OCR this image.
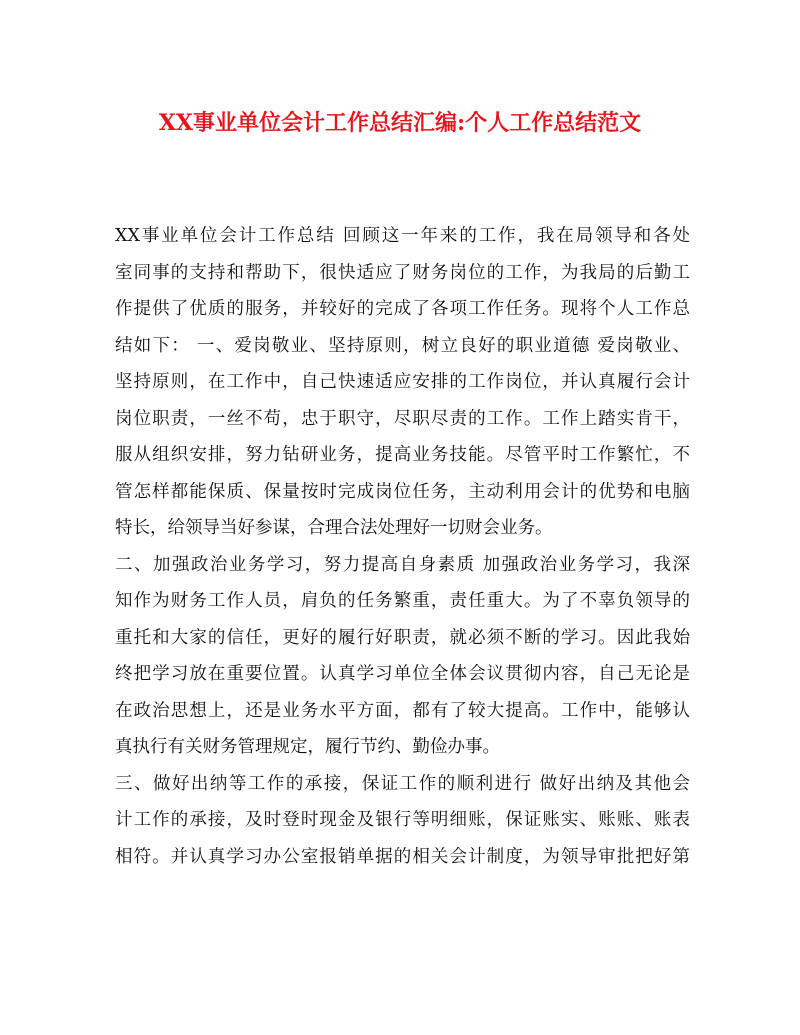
XX事业单位会计工作总结汇编:个人工作总结范文
XX事业单位会计工作总结 回顾这一年来的工作，我在局领导和各处
室同事的支持和帮助下，很快适应了财务岗位的工作，为我局的后勤工
作提供了优质的服务，并较好的完成了各项工作任务。现将个人工作总
结如下： 一、爱岗敬业、坚持原则，树立良好的职业道德 爱岗敬业、
坚持原则，在工作中，自己快速适应安排的工作岗位，并认真履行会计
岗位职责，一丝不苟，忠于职守，尽职尽责的工作。工作上踏实肯干，
服从组织安排，努力钻研业务，提高业务技能。尽管平时工作繁忙，不
管怎样都能保质、保量按时完成岗位任务，主动利用会计的优势和电脑
特长，给领导当好参谋，合理合法处理好一切财会业务。
二、加强政治业务学习，努力提高自身素质 加强政治业务学习，我深
知作为财务工作人员，肩负的任务繁重，责任重大。为了不辜负领导的
重托和大家的信任，更好的履行好职责，就必须不断的学习。因此我始
终把学习放在重要位置。认真学习单位全体会议贯彻内容，自己无论是
在政治思想上，还是业务水平方面，都有了较大提高。工作中，能够认
真执行有关财务管理规定，履行节约、勤俭办事。
三、做好出纳等工作的承接，保证工作的顺利进行 做好出纳及其他会
计工作的承接，及时登时现金及银行等明细账，保证账实、账账、账表
相符。并认真学习办公室报销单据的相关会计制度，为领导审批把好第
